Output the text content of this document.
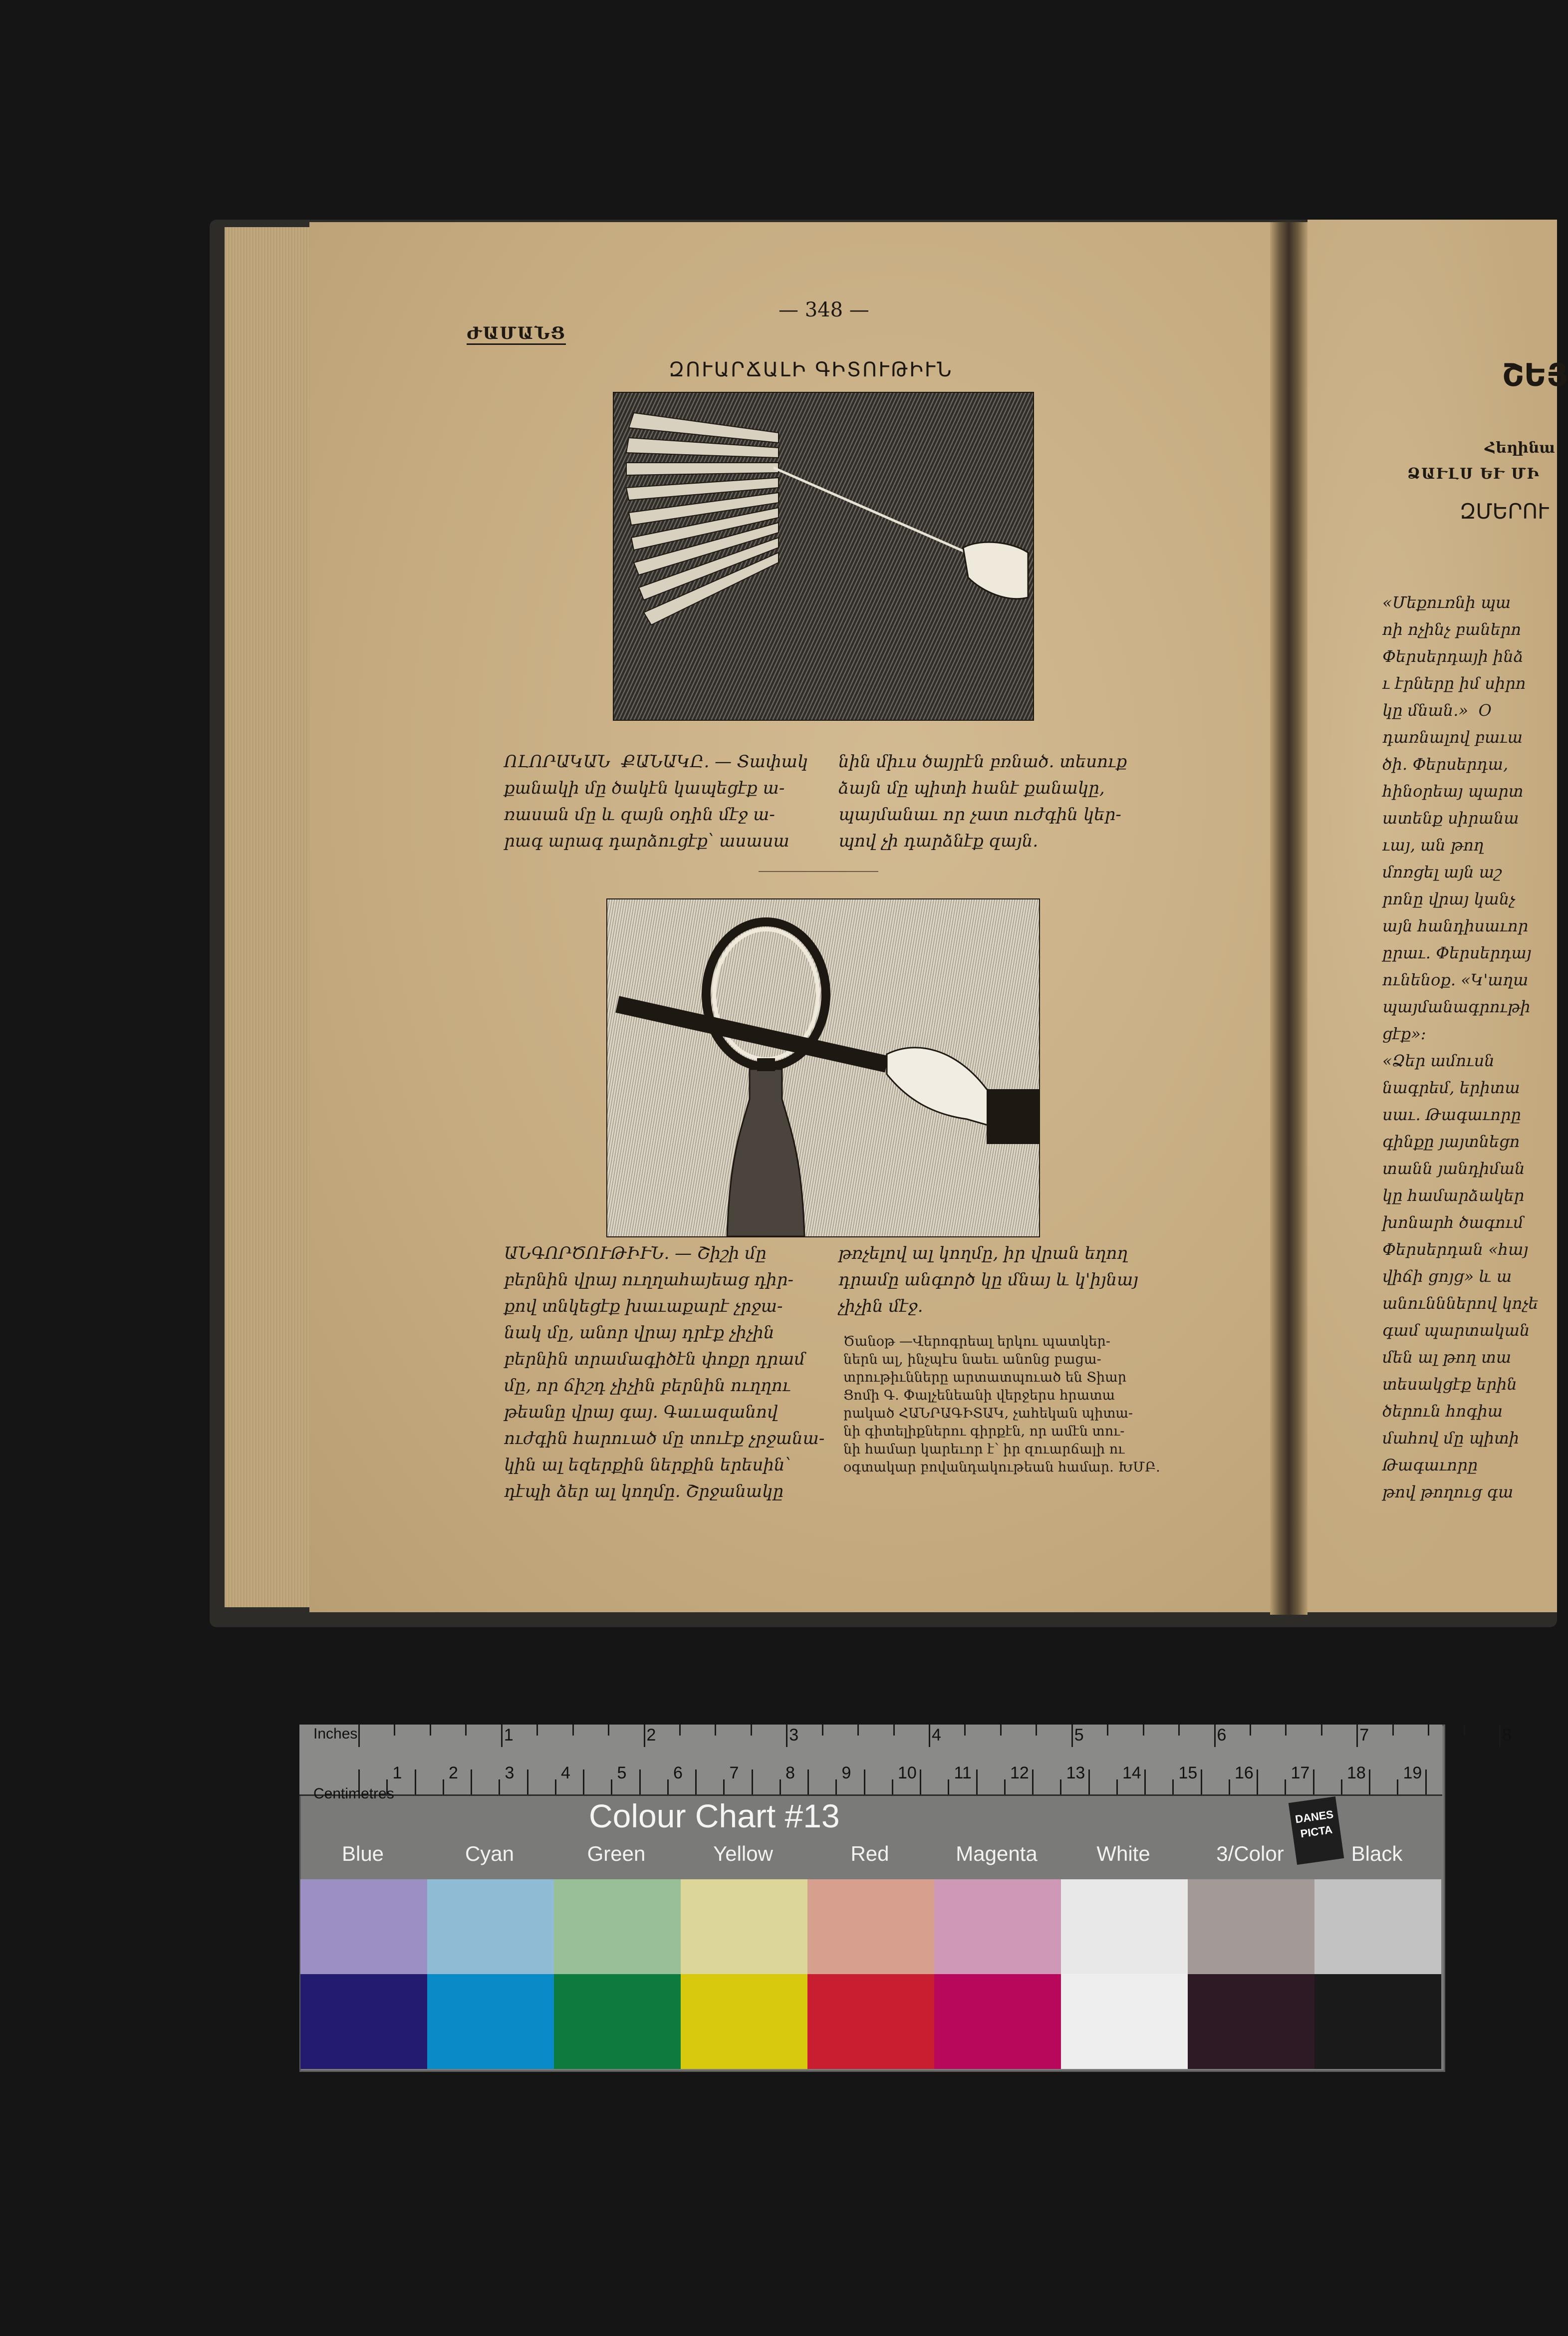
— 348 —
ԺԱՄԱՆՑ
ԶՈՒԱՐՃԱԼԻ ԳԻՏՈՒԹԻՒՆ
ՈԼՈՐԱԿԱՆ  ՔԱՆԱԿԸ. — Տափակ
քանակի մը ծակէն կապեցէք ա-
ռասան մը և զայն օդին մէջ ա-
րագ արագ դարձուցէք՝ ասասա
նին միւս ծայրէն բռնած. տեսուք
ձայն մը պիտի հանէ քանակը,
պայմանաւ որ չատ ուժգին կեր-
պով չի դարձնէք զայն.
ԱՆԳՈՐԾՈՒԹԻՒՆ. — Շիշի մը
բերնին վրայ ուղղահայեաց դիր-
քով տնկեցէք խաւաքարէ չրջա-
նակ մը, անոր վրայ դրէք չիչին
բերնին տրամագիծէն փոքր դրամ
մը, որ ճիշդ չիչին բերնին ուղղու
թեանը վրայ գայ. Գաւազանով
ուժգին հարուած մը տուէք չրջանա-
կին ալ եզերքին ներքին երեսին՝
դէպի ձեր ալ կողմը. Շրջանակը
թռչելով ալ կողմը, իր վրան եղող
դրամը անգործ կը մնայ և կ'իյնայ
չիչին մէջ.
Ծանօթ —Վերոգրեալ երկու պատկեր-
ներն ալ, ինչպէս նաեւ անոնց բացա-
տրութիւնները արտատպուած են Տիար
Ցոմի Գ. Փալչենեանի վերջերս հրատա
րակած ՀԱՆՐԱԳԻՏԱԿ, չահեկան պիտա-
նի գիտելիքներու գիրքէն, որ ամէն տու-
նի համար կարեւոր է՝ իր զուարճալի ու
օգտակար բովանդակութեան համար. ԽՄԲ.
ՇԵՅ
Հեղինա
ՁԱՒԼՍ ԵՒ ՄԻ
ԶՄԵՐՈՒ
«Մեքուռնի պա
ոի ոչինչ բաներո
Փերսերդայի ինձ
ւ էրները իմ սիրո
կը մնան.»  Օ
դառնալով բաւա
ծի. Փերսերդա,
հինօրեայ պարտ
ատենք սիրանա
ւայ, ան թող
մոռցել այն աշ
րոնը վրայ կանչ
այն հանդիսաւոր
ըրաւ. Փերսերդայ
ունենօք. «Կ'աղա
պայմանագրութի
ցէք»։
«Ձեր ամուսն
նագրեմ, երիտա
սաւ. Թագաւորը
գինքը յայտնեցո
տանն յանդիման
կը համարձակեր
խոնարհ ծագում
Փերսերդան «հայ
վիճի ցոյց» և ա
անունններով կոչե
գամ պարտական
մեն ալ թող տա
տեսակցէք երին
ծերուն հոգիա
մահով մը պիտի
Թագաւորը
թով թողուց գա
Inches
Centimetres
1	2	3	4	5	6	7	8
1	2	3	4	5	6	7	8	9	10 11 12 13 14 15 16 17 18 19
Colour Chart #13	DANES
PICTA
Blue	Cyan	Green	Yellow	Red	Magenta	White	3/Color	Black
